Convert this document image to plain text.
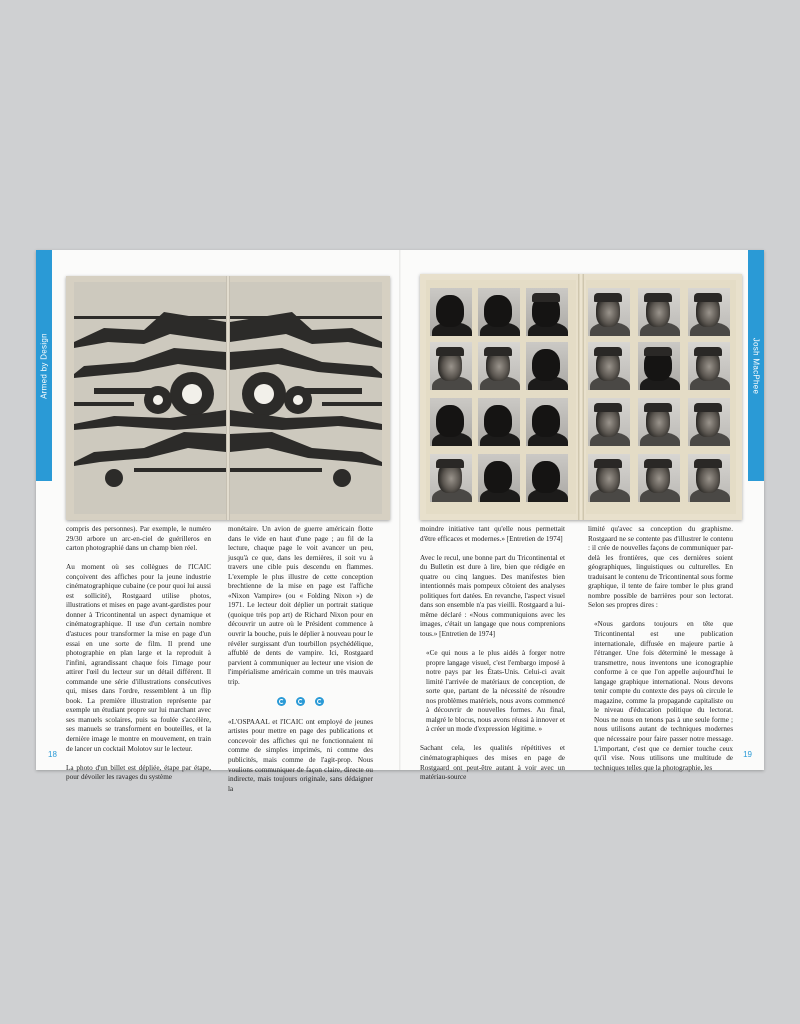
Armed by Design	Josh MacPhee

compris des personnes). Par exemple, le numéro 29/30 arbore un arc-en-ciel de guérilleros en carton photographié dans un champ bien réel.

Au moment où ses collègues de l'ICAIC conçoivent des affiches pour la jeune industrie cinématographique cubaine (ce pour quoi lui aussi est sollicité), Rostgaard utilise photos, illustrations et mises en page avant-gardistes pour donner à Tricontinental un aspect dynamique et cinématographique. Il use d'un certain nombre d'astuces pour transformer la mise en page d'un essai en une sorte de film. Il prend une photographie en plan large et la reproduit à l'infini, agrandissant chaque fois l'image pour attirer l'œil du lecteur sur un détail différent. Il commande une série d'illustrations consécutives qui, mises dans l'ordre, ressemblent à un flip book. La première illustration représente par exemple un étudiant propre sur lui marchant avec ses manuels scolaires, puis sa foulée s'accélère, ses manuels se transforment en bouteilles, et la dernière image le montre en mouvement, en train de lancer un cocktail Molotov sur le lecteur.

La photo d'un billet est dépliée, étape par étape, pour dévoiler les ravages du système

monétaire. Un avion de guerre américain flotte dans le vide en haut d'une page ; au fil de la lecture, chaque page le voit avancer un peu, jusqu'à ce que, dans les dernières, il soit vu à travers une cible puis descendu en flammes. L'exemple le plus illustre de cette conception brechtienne de la mise en page est l'affiche «Nixon Vampire» (ou « Folding Nixon ») de 1971. Le lecteur doit déplier un portrait statique (quoique très pop art) de Richard Nixon pour en découvrir un autre où le Président commence à ouvrir la bouche, puis le déplier à nouveau pour le révéler surgissant d'un tourbillon psychédélique, affublé de dents de vampire. Ici, Rostgaard parvient à communiquer au lecteur une vision de l'impérialisme américain comme un très mauvais trip.

«L'OSPAAAL et l'ICAIC ont employé de jeunes artistes pour mettre en page des publications et concevoir des affiches qui ne fonctionnaient ni comme de simples imprimés, ni comme des publicités, mais comme de l'agit-prop. Nous voulions communiquer de façon claire, directe ou indirecte, mais toujours originale, sans dédaigner la

moindre initiative tant qu'elle nous permettait d'être efficaces et modernes.» [Entretien de 1974]

Avec le recul, une bonne part du Tricontinental et du Bulletin est dure à lire, bien que rédigée en quatre ou cinq langues. Des manifestes bien intentionnés mais pompeux côtoient des analyses politiques fort datées. En revanche, l'aspect visuel dans son ensemble n'a pas vieilli. Rostgaard a lui-même déclaré : «Nous communiquions avec les images, c'était un langage que nous comprenions tous.» [Entretien de 1974]

«Ce qui nous a le plus aidés à forger notre propre langage visuel, c'est l'embargo imposé à notre pays par les États-Unis. Celui-ci avait limité l'arrivée de matériaux de conception, de sorte que, partant de la nécessité de résoudre nos problèmes matériels, nous avons commencé à découvrir de nouvelles formes. Au final, malgré le blocus, nous avons réussi à innover et à créer un mode d'expression légitime. »

Sachant cela, les qualités répétitives et cinématographiques des mises en page de Rostgaard ont peut-être autant à voir avec un matériau-source

limité qu'avec sa conception du graphisme. Rostgaard ne se contente pas d'illustrer le contenu : il crée de nouvelles façons de communiquer par-delà les frontières, que ces dernières soient géographiques, linguistiques ou culturelles. En traduisant le contenu de Tricontinental sous forme graphique, il tente de faire tomber le plus grand nombre possible de barrières pour son lectorat. Selon ses propres dires :

«Nous gardons toujours en tête que Tricontinental est une publication internationale, diffusée en majeure partie à l'étranger. Une fois déterminé le message à transmettre, nous inventons une iconographie conforme à ce que l'on appelle aujourd'hui le langage graphique international. Nous devons tenir compte du contexte des pays où circule le magazine, comme la propagande capitaliste ou le niveau d'éducation politique du lectorat. Nous ne nous en tenons pas à une seule forme ; nous utilisons autant de techniques modernes que nécessaire pour faire passer notre message. L'important, c'est que ce dernier touche ceux qu'il vise. Nous utilisons une multitude de techniques telles que la photographie, les

18	19
